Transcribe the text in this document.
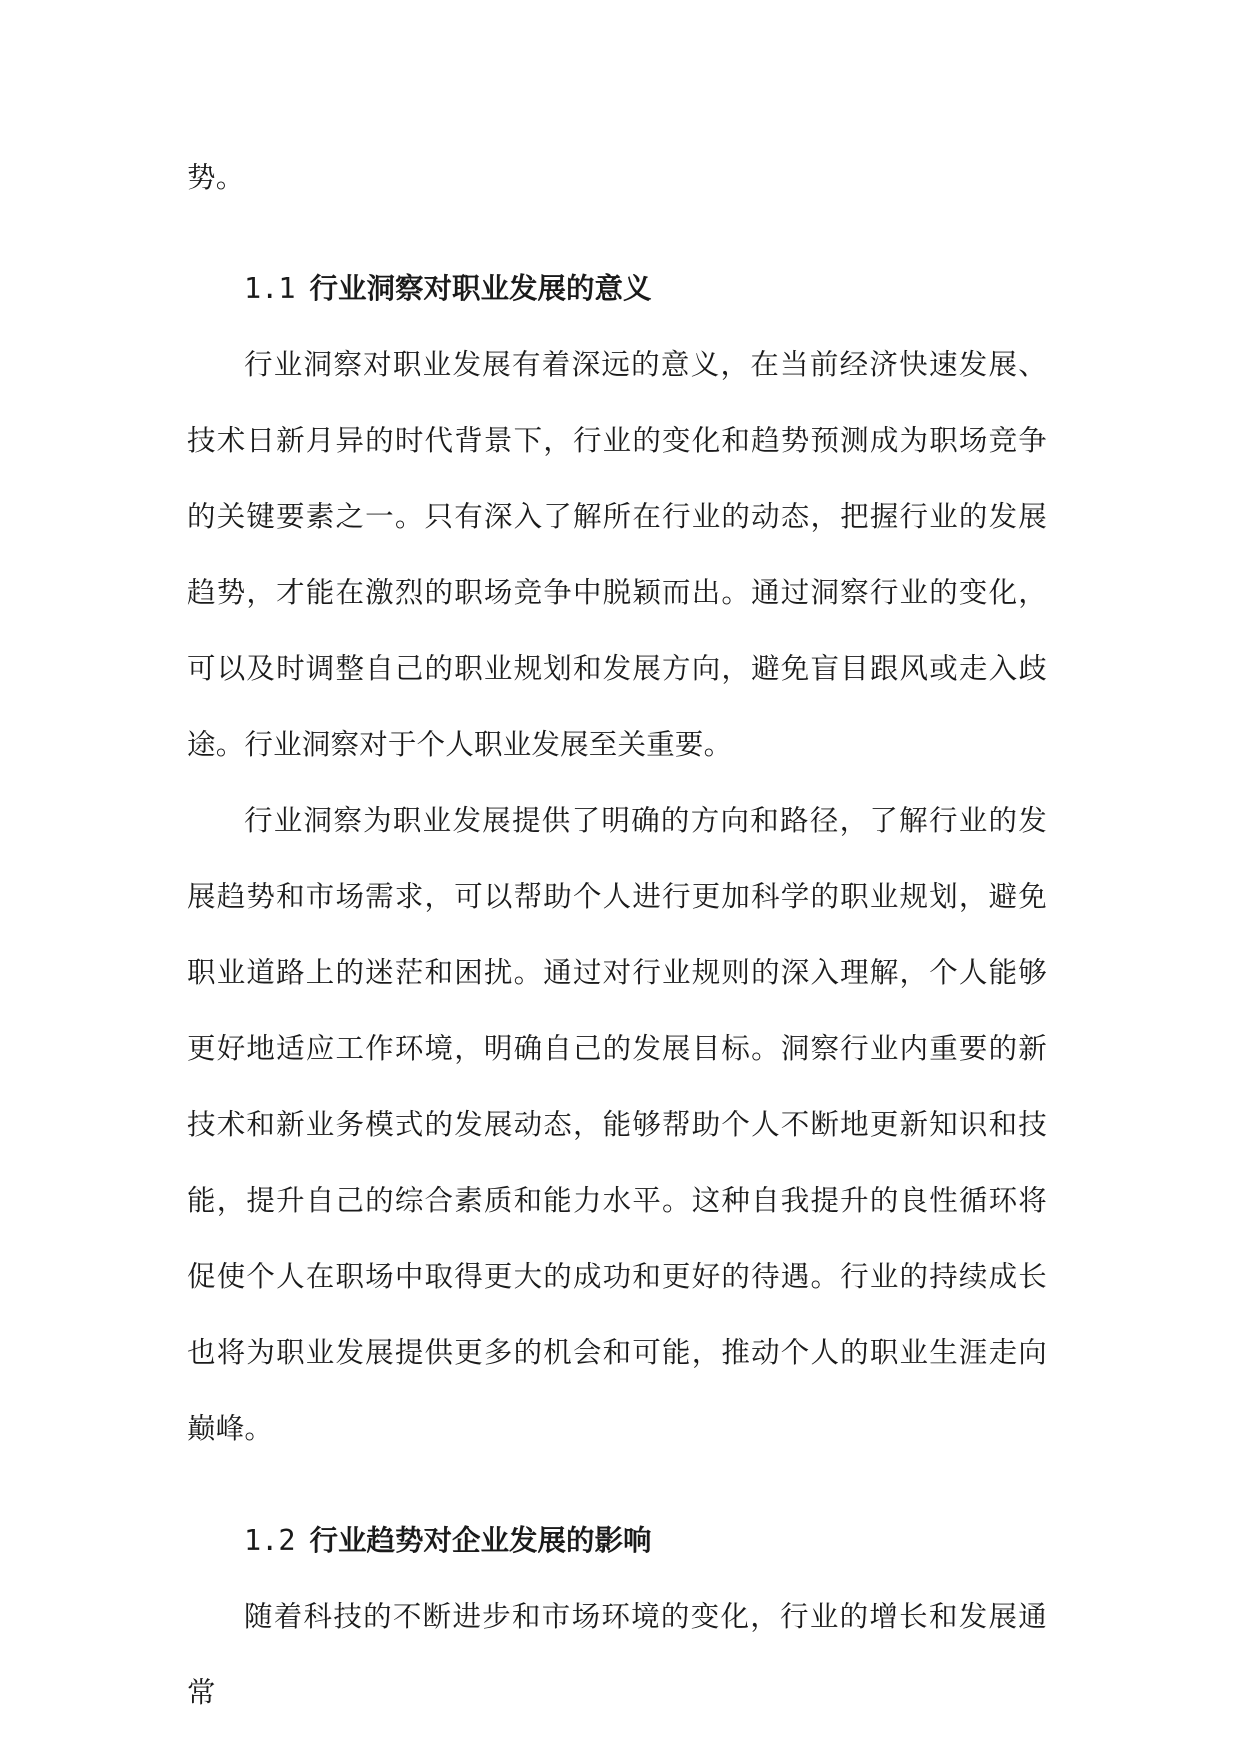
势。

1.1 行业洞察对职业发展的意义

行业洞察对职业发展有着深远的意义，在当前经济快速发展、技术日新月异的时代背景下，行业的变化和趋势预测成为职场竞争的关键要素之一。只有深入了解所在行业的动态，把握行业的发展趋势，才能在激烈的职场竞争中脱颖而出。通过洞察行业的变化，可以及时调整自己的职业规划和发展方向，避免盲目跟风或走入歧途。行业洞察对于个人职业发展至关重要。

行业洞察为职业发展提供了明确的方向和路径，了解行业的发展趋势和市场需求，可以帮助个人进行更加科学的职业规划，避免职业道路上的迷茫和困扰。通过对行业规则的深入理解，个人能够更好地适应工作环境，明确自己的发展目标。洞察行业内重要的新技术和新业务模式的发展动态，能够帮助个人不断地更新知识和技能，提升自己的综合素质和能力水平。这种自我提升的良性循环将促使个人在职场中取得更大的成功和更好的待遇。行业的持续成长也将为职业发展提供更多的机会和可能，推动个人的职业生涯走向巅峰。

1.2 行业趋势对企业发展的影响

随着科技的不断进步和市场环境的变化，行业的增长和发展通常
